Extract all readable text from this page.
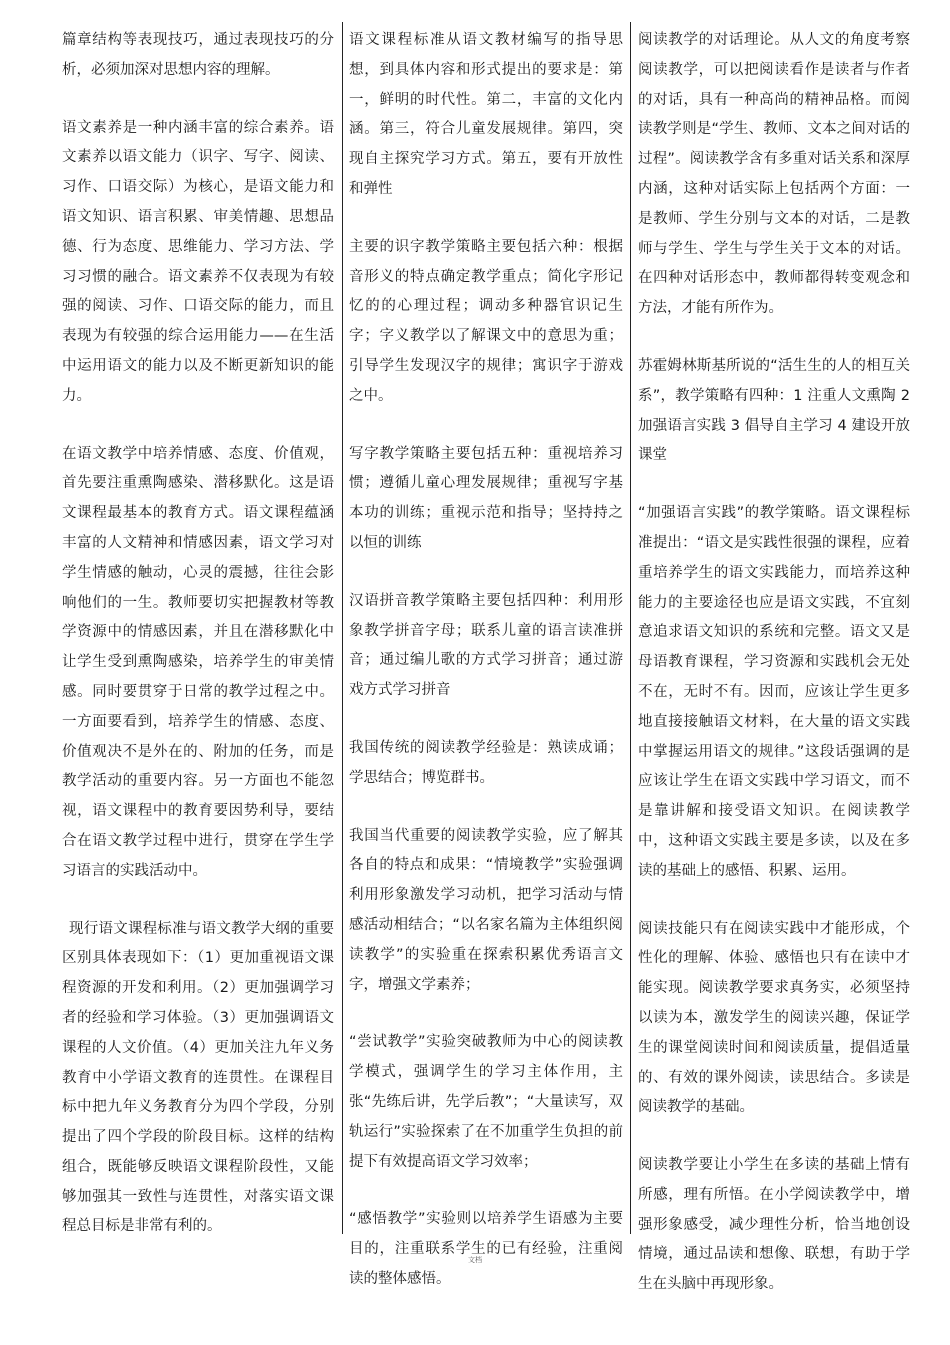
篇章结构等表现技巧，通过表现技巧的分析，必须加深对思想内容的理解。

语文素养是一种内涵丰富的综合素养。语文素养以语文能力（识字、写字、阅读、习作、口语交际）为核心，是语文能力和语文知识、语言积累、审美情趣、思想品德、行为态度、思维能力、学习方法、学习习惯的融合。语文素养不仅表现为有较强的阅读、习作、口语交际的能力，而且表现为有较强的综合运用能力——在生活中运用语文的能力以及不断更新知识的能力。

在语文教学中培养情感、态度、价值观，首先要注重熏陶感染、潜移默化。这是语文课程最基本的教育方式。语文课程蕴涵丰富的人文精神和情感因素，语文学习对学生情感的触动，心灵的震撼，往往会影响他们的一生。教师要切实把握教材等教学资源中的情感因素，并且在潜移默化中让学生受到熏陶感染，培养学生的审美情感。同时要贯穿于日常的教学过程之中。一方面要看到，培养学生的情感、态度、价值观决不是外在的、附加的任务，而是教学活动的重要内容。另一方面也不能忽视，语文课程中的教育要因势利导，要结合在语文教学过程中进行，贯穿在学生学习语言的实践活动中。

现行语文课程标准与语文教学大纲的重要区别具体表现如下：（1）更加重视语文课程资源的开发和利用。（2）更加强调学习者的经验和学习体验。（3）更加强调语文课程的人文价值。（4）更加关注九年义务教育中小学语文教育的连贯性。在课程目标中把九年义务教育分为四个学段，分别提出了四个学段的阶段目标。这样的结构组合，既能够反映语文课程阶段性，又能够加强其一致性与连贯性，对落实语文课程总目标是非常有利的。

语文课程标准从语文教材编写的指导思想，到具体内容和形式提出的要求是：第一，鲜明的时代性。第二，丰富的文化内涵。第三，符合儿童发展规律。第四，突现自主探究学习方式。第五，要有开放性和弹性

主要的识字教学策略主要包括六种：根据音形义的特点确定教学重点；简化字形记忆的的心理过程；调动多种器官识记生字；字义教学以了解课文中的意思为重；引导学生发现汉字的规律；寓识字于游戏之中。

写字教学策略主要包括五种：重视培养习惯；遵循儿童心理发展规律；重视写字基本功的训练；重视示范和指导；坚持持之以恒的训练

汉语拼音教学策略主要包括四种：利用形象教学拼音字母；联系儿童的语言读准拼音；通过编儿歌的方式学习拼音；通过游戏方式学习拼音

我国传统的阅读教学经验是：熟读成诵；学思结合；博览群书。

我国当代重要的阅读教学实验，应了解其各自的特点和成果：“情境教学”实验强调利用形象激发学习动机，把学习活动与情感活动相结合；“以名家名篇为主体组织阅读教学”的实验重在探索积累优秀语言文字，增强文学素养；

“尝试教学”实验突破教师为中心的阅读教学模式，强调学生的学习主体作用，主张“先练后讲，先学后教”；“大量读写，双轨运行”实验探索了在不加重学生负担的前提下有效提高语文学习效率；

“感悟教学”实验则以培养学生语感为主要目的，注重联系学生的已有经验，注重阅读的整体感悟。

阅读教学的对话理论。从人文的角度考察阅读教学，可以把阅读看作是读者与作者的对话，具有一种高尚的精神品格。而阅读教学则是“学生、教师、文本之间对话的过程”。阅读教学含有多重对话关系和深厚内涵，这种对话实际上包括两个方面：一是教师、学生分别与文本的对话，二是教师与学生、学生与学生关于文本的对话。在四种对话形态中，教师都得转变观念和方法，才能有所作为。

苏霍姆林斯基所说的“活生生的人的相互关系”，教学策略有四种：1 注重人文熏陶 2 加强语言实践 3 倡导自主学习 4 建设开放课堂

“加强语言实践”的教学策略。语文课程标准提出：“语文是实践性很强的课程，应着重培养学生的语文实践能力，而培养这种能力的主要途径也应是语文实践，不宜刻意追求语文知识的系统和完整。语文又是母语教育课程，学习资源和实践机会无处不在，无时不有。因而，应该让学生更多地直接接触语文材料，在大量的语文实践中掌握运用语文的规律。”这段话强调的是应该让学生在语文实践中学习语文，而不是靠讲解和接受语文知识。在阅读教学中，这种语文实践主要是多读，以及在多读的基础上的感悟、积累、运用。

阅读技能只有在阅读实践中才能形成，个性化的理解、体验、感悟也只有在读中才能实现。阅读教学要求真务实，必须坚持以读为本，激发学生的阅读兴趣，保证学生的课堂阅读时间和阅读质量，提倡适量的、有效的课外阅读，读思结合。多读是阅读教学的基础。

阅读教学要让小学生在多读的基础上情有所感，理有所悟。在小学阅读教学中，增强形象感受，减少理性分析，恰当地创设情境，通过品读和想像、联想，有助于学生在头脑中再现形象。

文档
